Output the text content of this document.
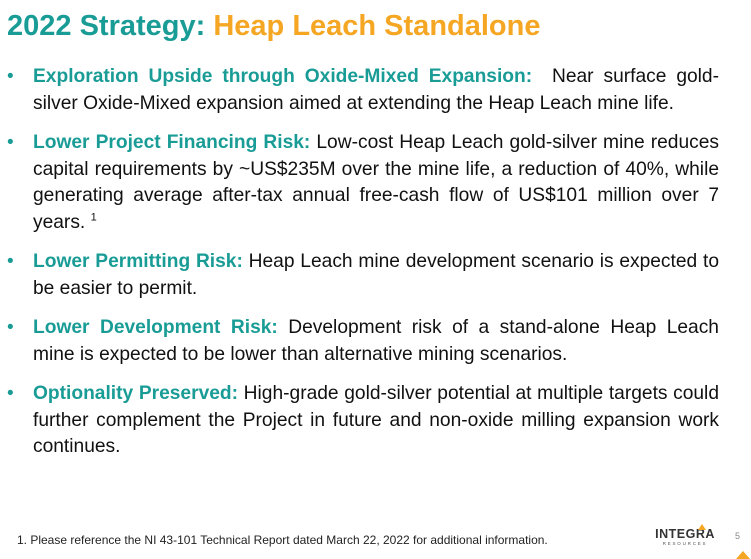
2022 Strategy: Heap Leach Standalone
• Exploration Upside through Oxide-Mixed Expansion: Near surface gold-silver Oxide-Mixed expansion aimed at extending the Heap Leach mine life.
• Lower Project Financing Risk: Low-cost Heap Leach gold-silver mine reduces capital requirements by ~US$235M over the mine life, a reduction of 40%, while generating average after-tax annual free-cash flow of US$101 million over 7 years. $^1$
• Lower Permitting Risk: Heap Leach mine development scenario is expected to be easier to permit.
• Lower Development Risk: Development risk of a stand-alone Heap Leach mine is expected to be lower than alternative mining scenarios.
• Optionality Preserved: High-grade gold-silver potential at multiple targets could further complement the Project in future and non-oxide milling expansion work continues.
1. Please reference the NI 43-101 Technical Report dated March 22, 2022 for additional information.	INTEGRA
RESOURCES
5
